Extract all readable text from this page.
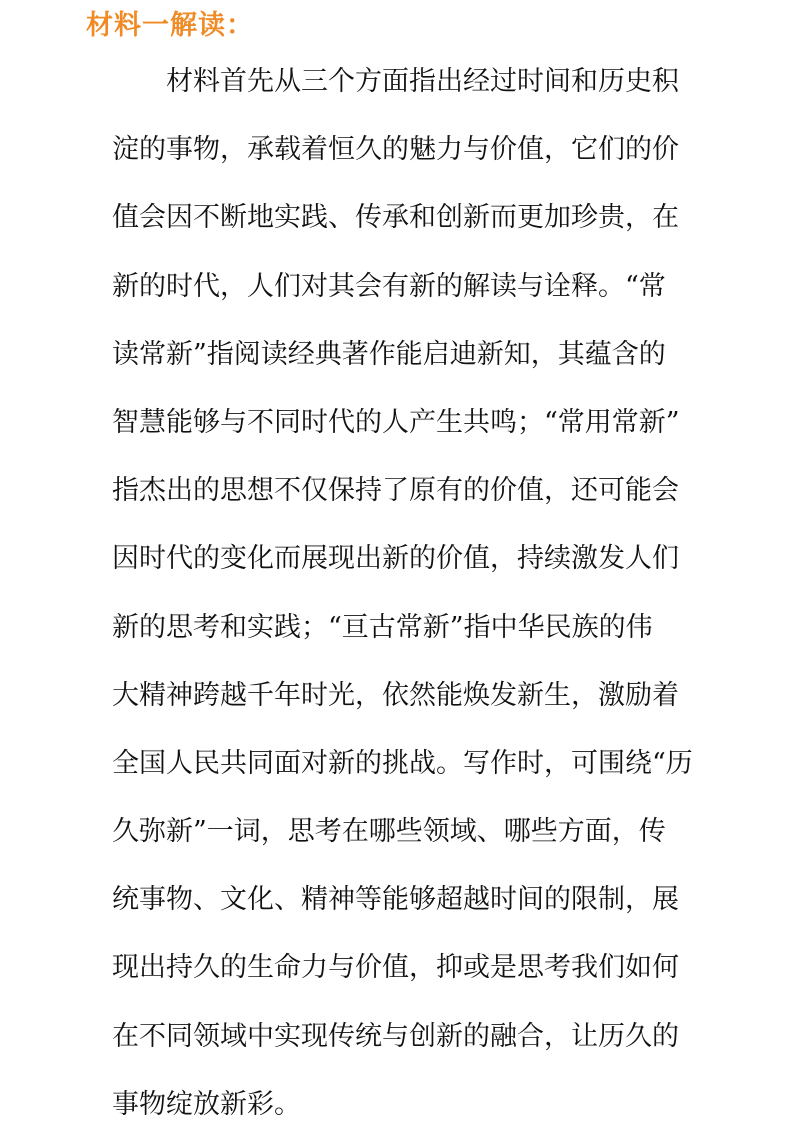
材料一解读：
材料首先从三个方面指出经过时间和历史积
淀的事物，承载着恒久的魅力与价值，它们的价
值会因不断地实践、传承和创新而更加珍贵，在
新的时代，人们对其会有新的解读与诠释。“常
读常新”指阅读经典著作能启迪新知，其蕴含的
智慧能够与不同时代的人产生共鸣；“常用常新”
指杰出的思想不仅保持了原有的价值，还可能会
因时代的变化而展现出新的价值，持续激发人们
新的思考和实践；“亘古常新”指中华民族的伟
大精神跨越千年时光，依然能焕发新生，激励着
全国人民共同面对新的挑战。写作时，可围绕“历
久弥新”一词，思考在哪些领域、哪些方面，传
统事物、文化、精神等能够超越时间的限制，展
现出持久的生命力与价值，抑或是思考我们如何
在不同领域中实现传统与创新的融合，让历久的
事物绽放新彩。
